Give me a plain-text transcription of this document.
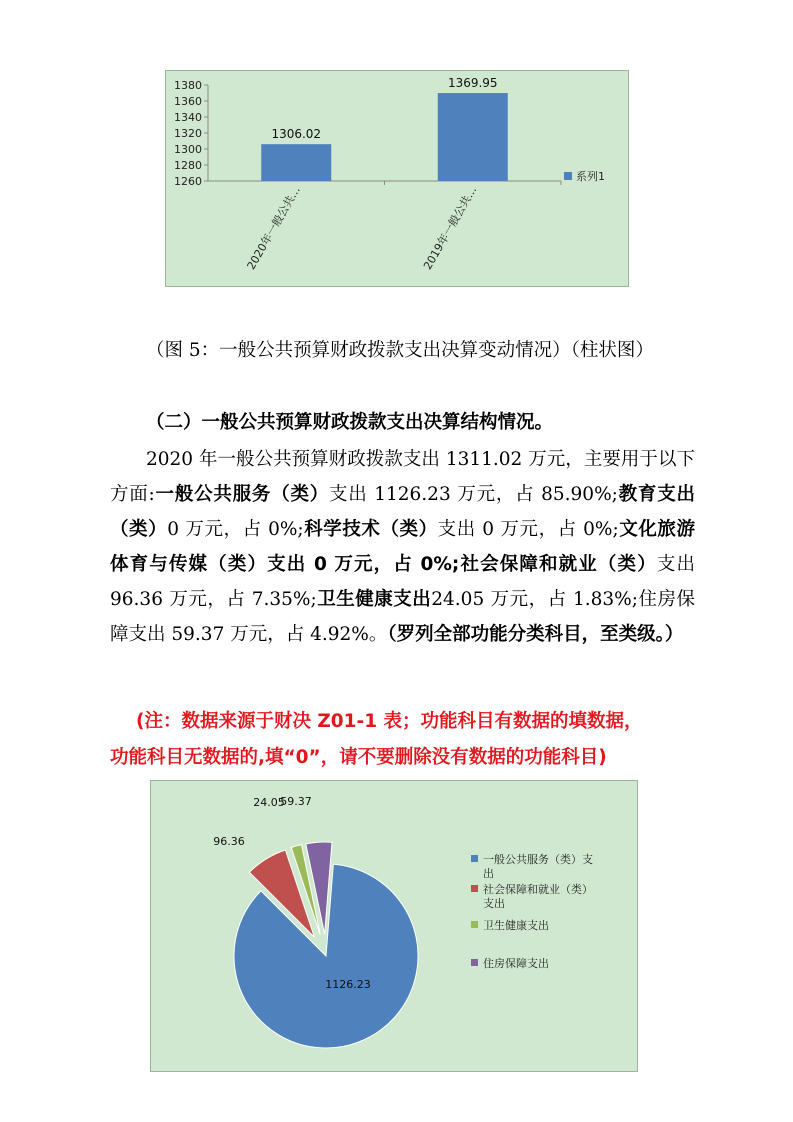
1260
1280
1300
1320
1340
1360
1380
1306.02
2020年一般公共…
1369.95
2019年一般公共…
系列1
（图 5：一般公共预算财政拨款支出决算变动情况）（柱状图）
（二）一般公共预算财政拨款支出决算结构情况。
2020 年一般公共预算财政拨款支出 1311.02 万元，主要用于以下方面:一般公共服务（类）支出 1126.23 万元，占 85.90%;教育支出（类）0 万元，占 0%;科学技术（类）支出 0 万元，占 0%;文化旅游体育与传媒（类）支出 0 万元，占 0%;社会保障和就业（类）支出 96.36 万元，占 7.35%;卫生健康支出24.05 万元，占 1.83%;住房保障支出 59.37 万元，占 4.92%。（罗列全部功能分类科目，至类级。）
(注：数据来源于财决 Z01-1 表；功能科目有数据的填数据，
功能科目无数据的,填“0”，请不要删除没有数据的功能科目)
1126.23
96.36
24.05
59.37
一般公共服务（类）支
出
社会保障和就业（类）
支出
卫生健康支出
住房保障支出
